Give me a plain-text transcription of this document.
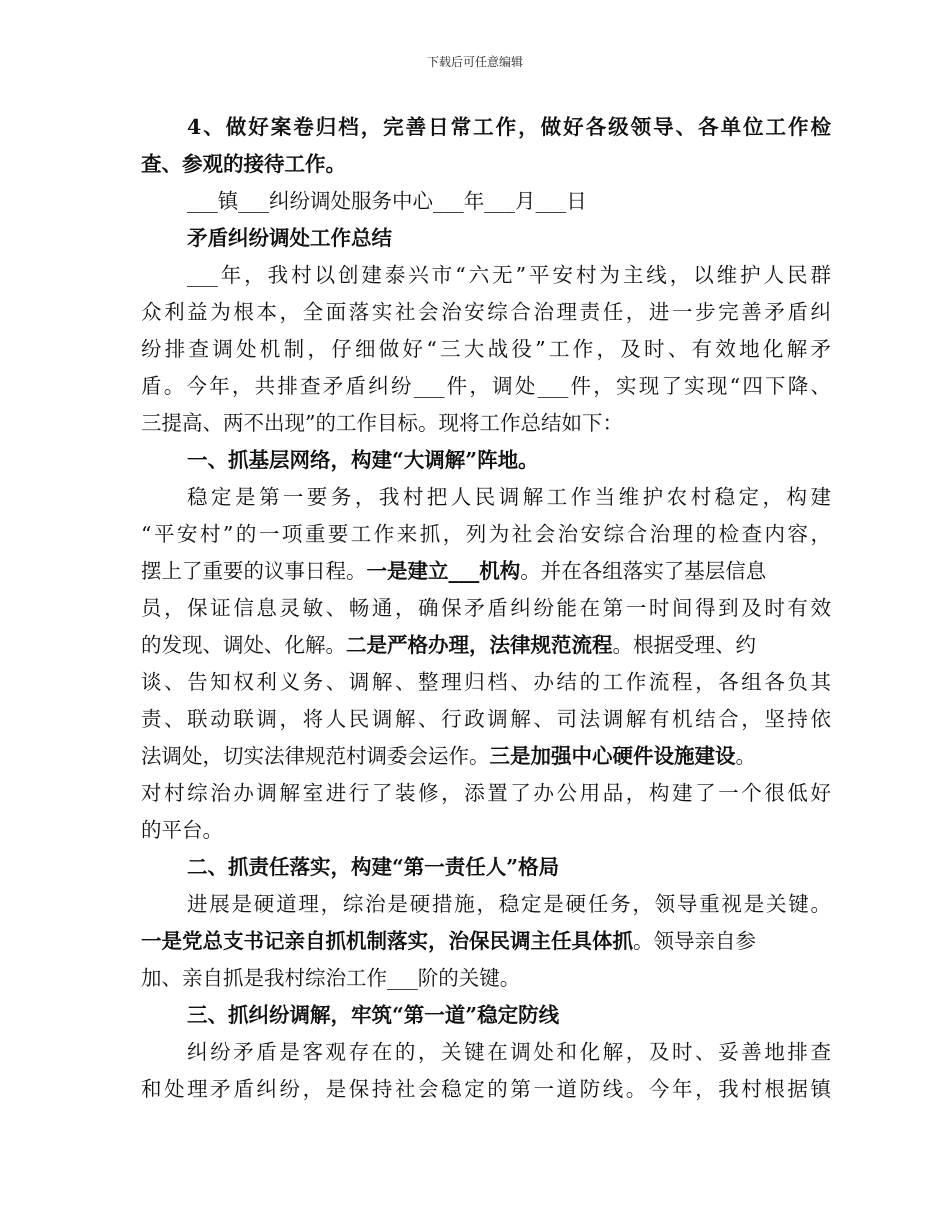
下载后可任意编辑
4、做好案卷归档，完善日常工作，做好各级领导、各单位工作检
查、参观的接待工作。
___镇___纠纷调处服务中心___年___月___日
矛盾纠纷调处工作总结
___年，我村以创建泰兴市“六无”平安村为主线，以维护人民群
众利益为根本，全面落实社会治安综合治理责任，进一步完善矛盾纠
纷排查调处机制，仔细做好“三大战役”工作，及时、有效地化解矛
盾。今年，共排查矛盾纠纷___件，调处___件，实现了实现“四下降、
三提高、两不出现”的工作目标。现将工作总结如下：
一、抓基层网络，构建“大调解”阵地。
稳定是第一要务，我村把人民调解工作当维护农村稳定，构建
“平安村”的一项重要工作来抓，列为社会治安综合治理的检查内容，
摆上了重要的议事日程。一是建立___机构。并在各组落实了基层信息
员，保证信息灵敏、畅通，确保矛盾纠纷能在第一时间得到及时有效
的发现、调处、化解。二是严格办理，法律规范流程。根据受理、约
谈、告知权利义务、调解、整理归档、办结的工作流程，各组各负其
责、联动联调，将人民调解、行政调解、司法调解有机结合，坚持依
法调处，切实法律规范村调委会运作。三是加强中心硬件设施建设。
对村综治办调解室进行了装修，添置了办公用品，构建了一个很低好
的平台。
二、抓责任落实，构建“第一责任人”格局
进展是硬道理，综治是硬措施，稳定是硬任务，领导重视是关键。
一是党总支书记亲自抓机制落实，治保民调主任具体抓。领导亲自参
加、亲自抓是我村综治工作___阶的关键。
三、抓纠纷调解，牢筑“第一道”稳定防线
纠纷矛盾是客观存在的，关键在调处和化解，及时、妥善地排查
和处理矛盾纠纷，是保持社会稳定的第一道防线。今年，我村根据镇
